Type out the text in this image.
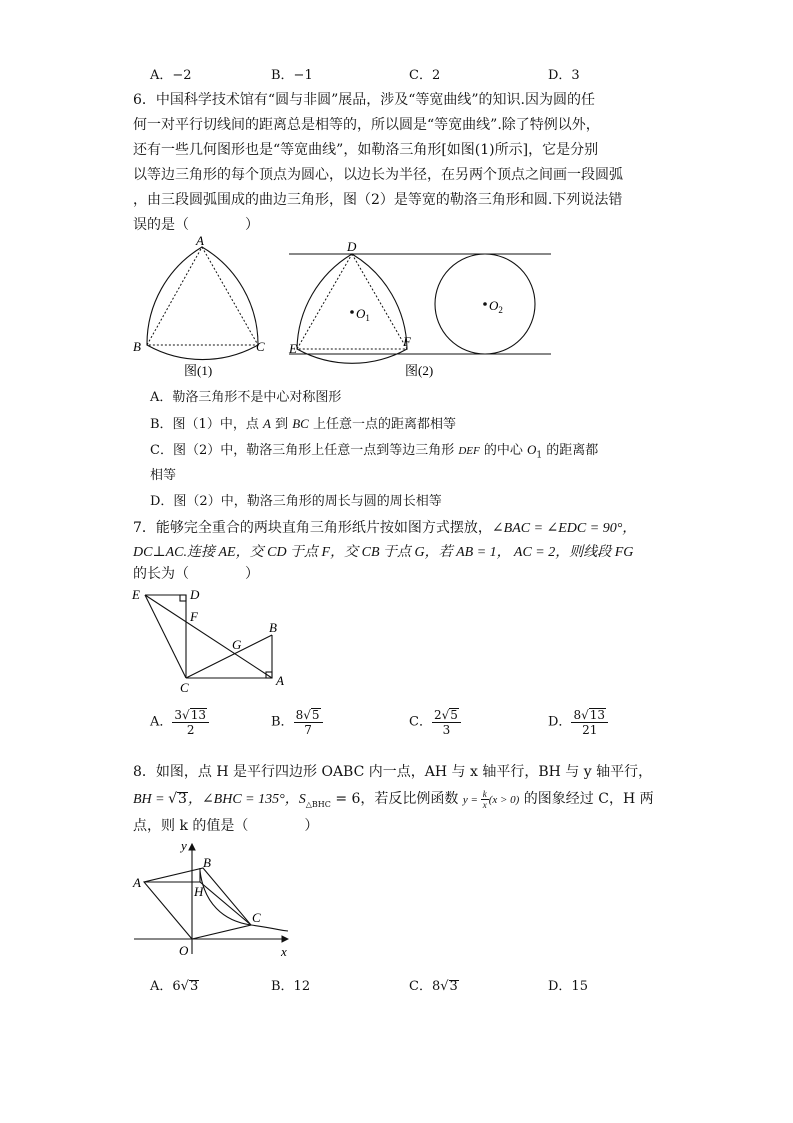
A．−2	B．−1	C．2	D．3
6．中国科学技术馆有“圆与非圆”展品，涉及“等宽曲线”的知识.因为圆的任
何一对平行切线间的距离总是相等的，所以圆是“等宽曲线”.除了特例以外，
还有一些几何图形也是“等宽曲线”，如勒洛三角形[如图(1)所示]，它是分别
以等边三角形的每个顶点为圆心，以边长为半径，在另两个顶点之间画一段圆弧
，由三段圆弧围成的曲边三角形，图（2）是等宽的勒洛三角形和圆.下列说法错
误的是（　　　　）
A
B	C
图(1)
D
E	F
$O_1$
$O_2$
图(2)
A．勒洛三角形不是中心对称图形
B．图（1）中，点 A 到 BC 上任意一点的距离都相等
C．图（2）中，勒洛三角形上任意一点到等边三角形 DEF 的中心 $O_1$ 的距离都
相等
D．图（2）中，勒洛三角形的周长与圆的周长相等
7．能够完全重合的两块直角三角形纸片按如图方式摆放，∠BAC = ∠EDC = 90°，
DC⊥AC.连接 AE，交 CD 于点 F，交 CB 于点 G，若 AB = 1， AC = 2，则线段 FG
的长为（　　　　）
E	D
F
G
B
C	A
A． $\frac{3√13}{2}$	B． $\frac{8√5}{7}$	C． $\frac{2√5}{3}$	D． $\frac{8√13}{21}$
8．如图，点 H 是平行四边形 OABC 内一点，AH 与 x 轴平行，BH 与 y 轴平行，
BH = √3，∠BHC = 135°，$S_{\triangle BHC} = 6$，若反比例函数 $y = \frac{k}{x} (x > 0)$ 的图象经过 C，H 两
点，则 k 的值是（　　　　）
y
B
A
H
C
O	x
A．6√3	B．12	C．8√3	D．15
